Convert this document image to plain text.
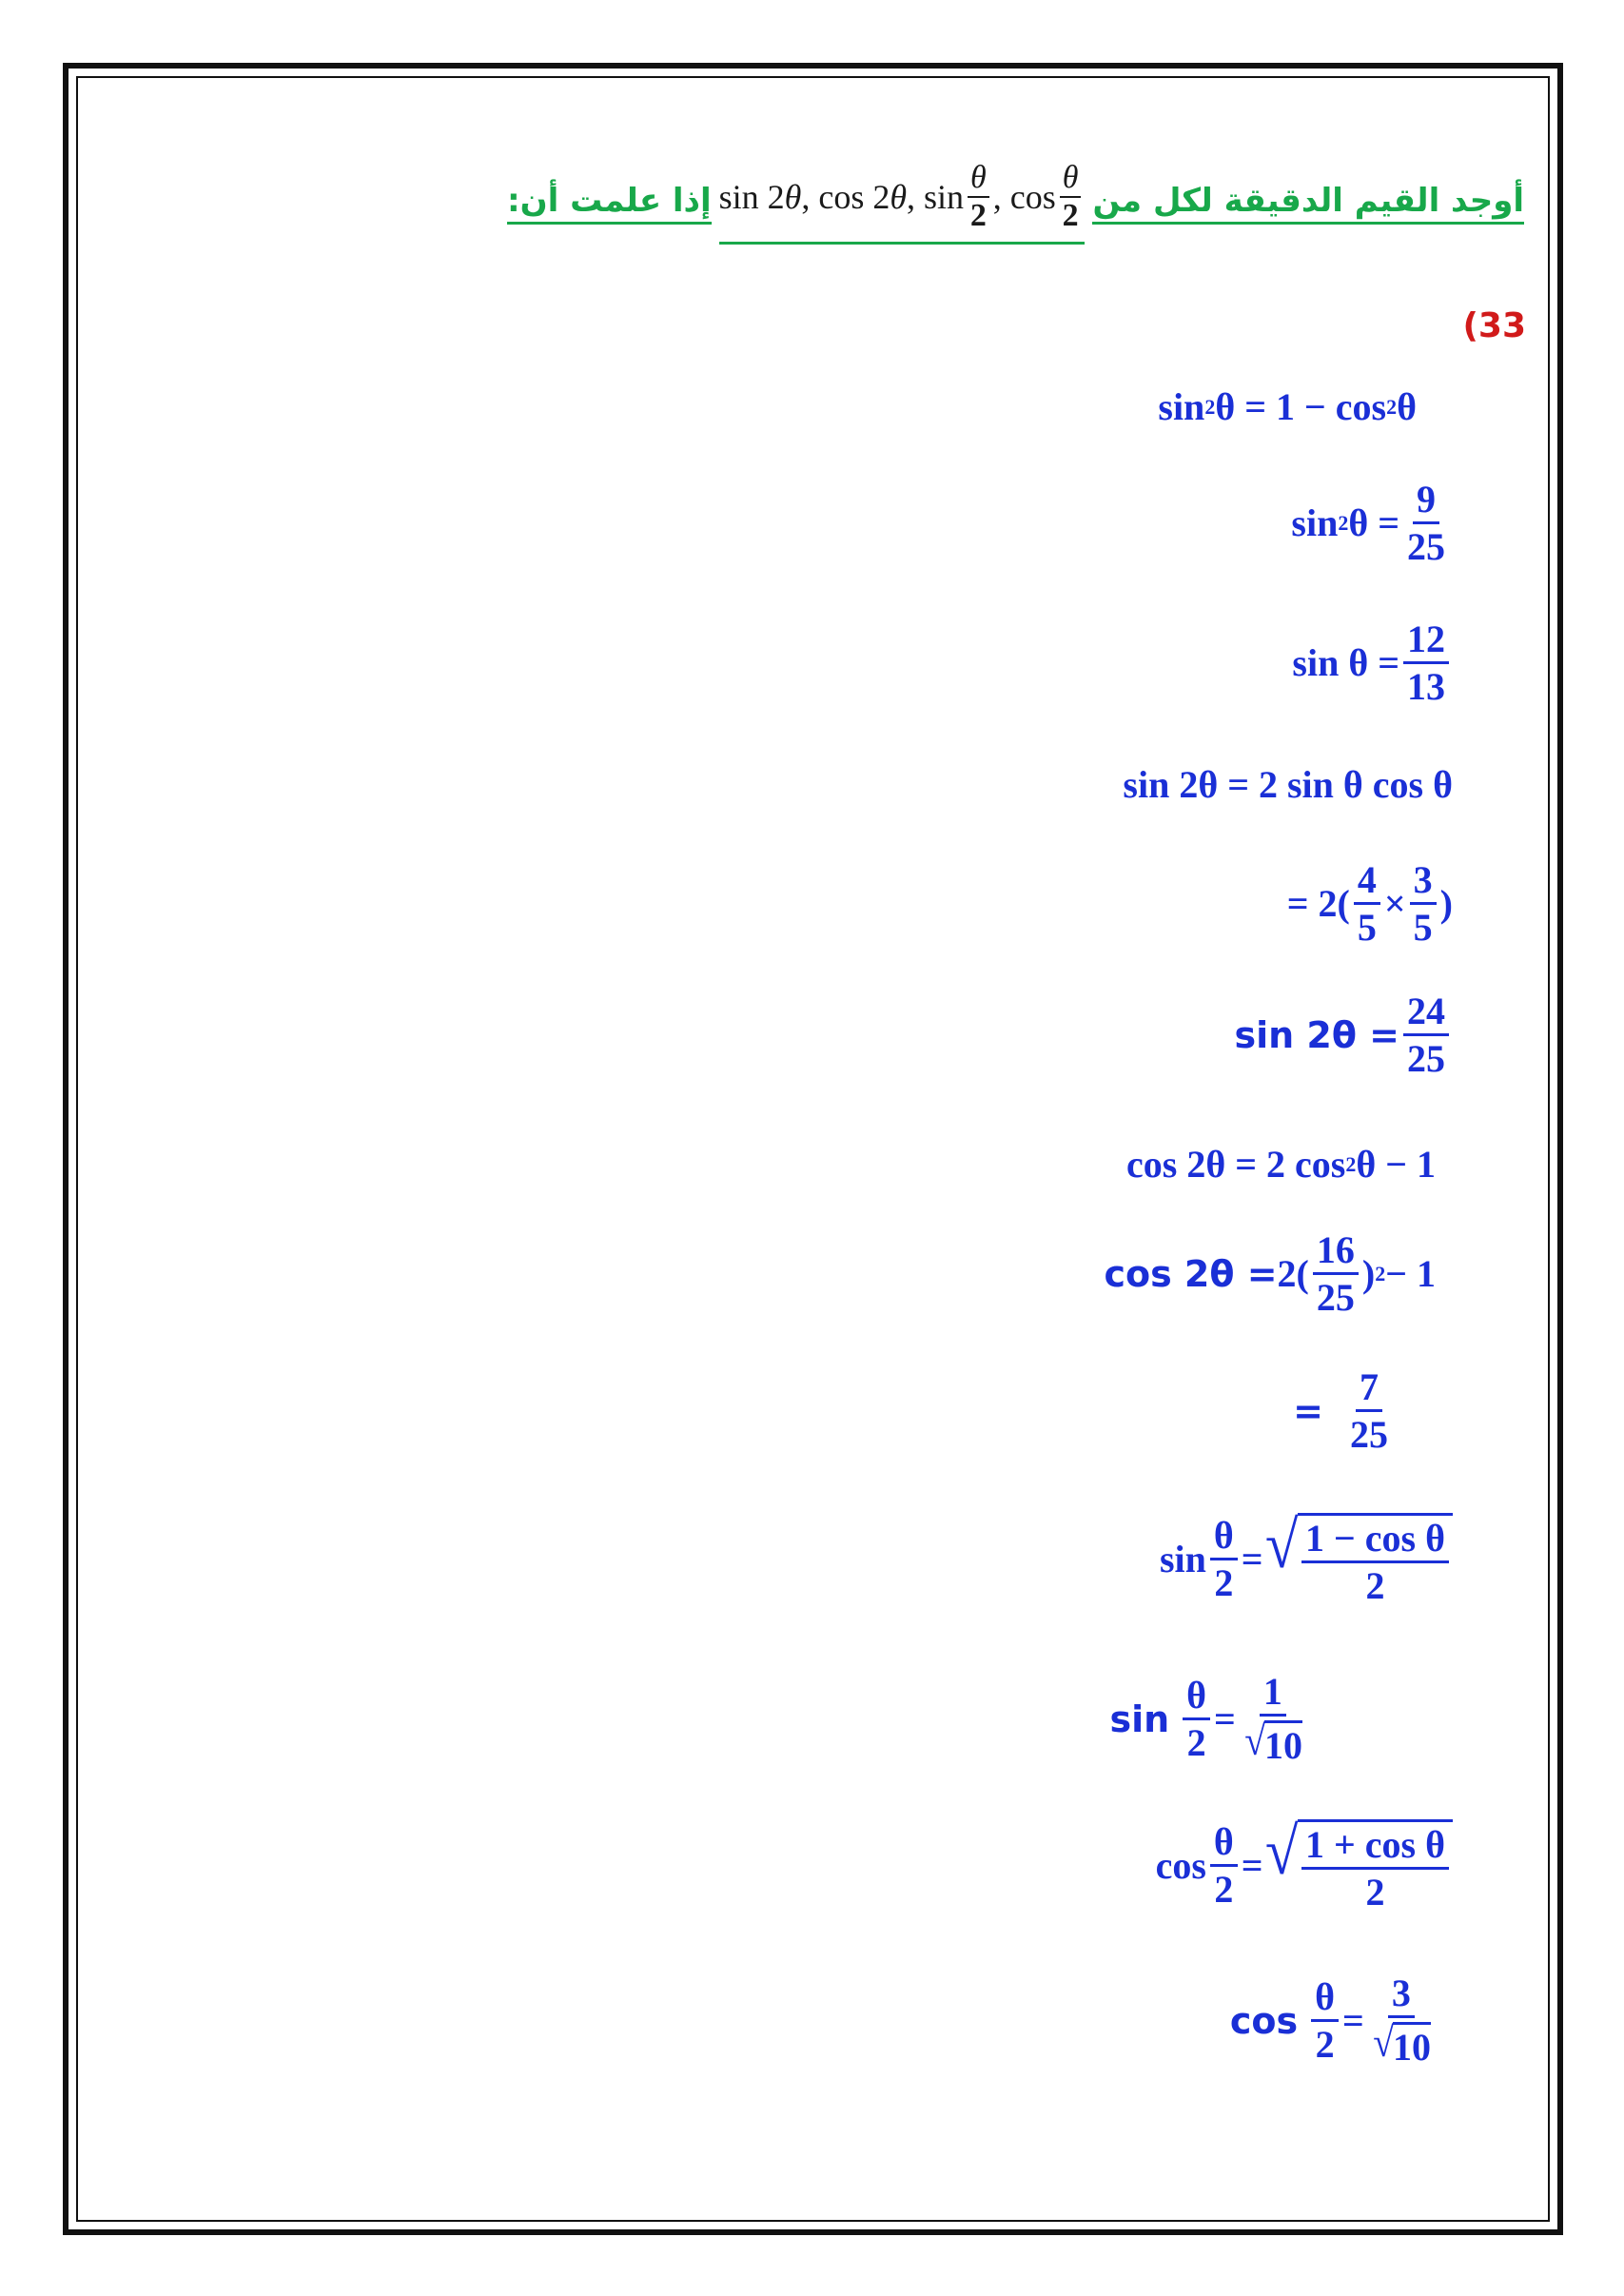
أوجد القيم الدقيقة لكل من
sin 2 θ , cos 2 θ , sin
θ
2 , cos
θ
2
إذا علمت أن:
(33
sin 2 θ = 1 − cos 2 θ
sin 2 $\theta = \frac{9}{25}$
$\sin \theta = \frac{12}{13}$
sin 2θ = 2 sin θ cos θ
= $2( \frac{4}{5} \times \frac{3}{5}$ )
$\sin 2\theta = \frac{24}{25}$
cos 2θ = 2 cos 2 θ − 1
$\cos 2\theta = 2( \frac{16}{25}$ ) 2 − 1
=
$\frac{7}{25}$
$\sin \frac{\theta}{2}$ = √ $\frac{\text{1 − cos θ}}{2}$
sin
$\frac{\theta}{2} = \frac{1}{√ 10}$
$\cos \frac{\theta}{2}$ = √ $\frac{\text{1 + cos θ}}{2}$
cos
$\frac{\theta}{2} = \frac{3}{√ 10}$
